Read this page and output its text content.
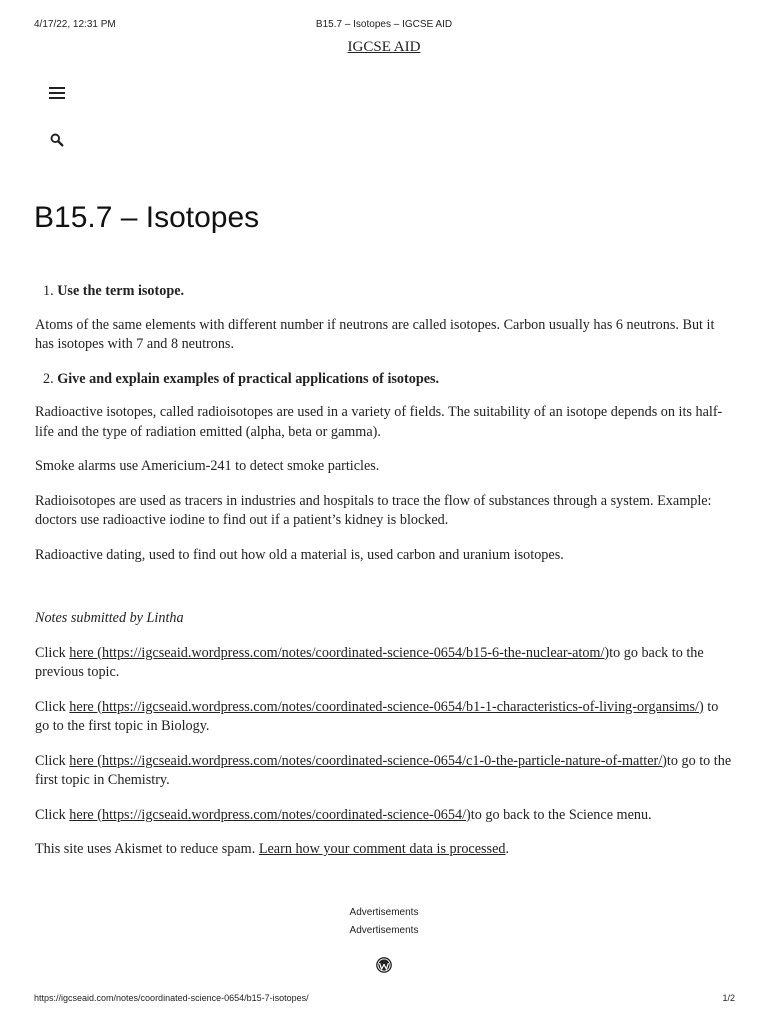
4/17/22, 12:31 PM	B15.7 – Isotopes – IGCSE AID
IGCSE AID
B15.7 – Isotopes
1. Use the term isotope.

Atoms of the same elements with different number if neutrons are called isotopes. Carbon usually has 6 neutrons. But it has isotopes with 7 and 8 neutrons.

2. Give and explain examples of practical applications of isotopes.

Radioactive isotopes, called radioisotopes are used in a variety of fields. The suitability of an isotope depends on its half-life and the type of radiation emitted (alpha, beta or gamma).

Smoke alarms use Americium-241 to detect smoke particles.

Radioisotopes are used as tracers in industries and hospitals to trace the flow of substances through a system. Example: doctors use radioactive iodine to find out if a patient’s kidney is blocked.

Radioactive dating, used to find out how old a material is, used carbon and uranium isotopes.

Notes submitted by Lintha

Click here (https://igcseaid.wordpress.com/notes/coordinated-science-0654/b15-6-the-nuclear-atom/)to go back to the previous topic.

Click here (https://igcseaid.wordpress.com/notes/coordinated-science-0654/b1-1-characteristics-of-living-organsims/) to go to the first topic in Biology.

Click here (https://igcseaid.wordpress.com/notes/coordinated-science-0654/c1-0-the-particle-nature-of-matter/)to go to the first topic in Chemistry.

Click here (https://igcseaid.wordpress.com/notes/coordinated-science-0654/)to go back to the Science menu.

This site uses Akismet to reduce spam. Learn how your comment data is processed.

Advertisements
Advertisements
https://igcseaid.com/notes/coordinated-science-0654/b15-7-isotopes/	1/2
